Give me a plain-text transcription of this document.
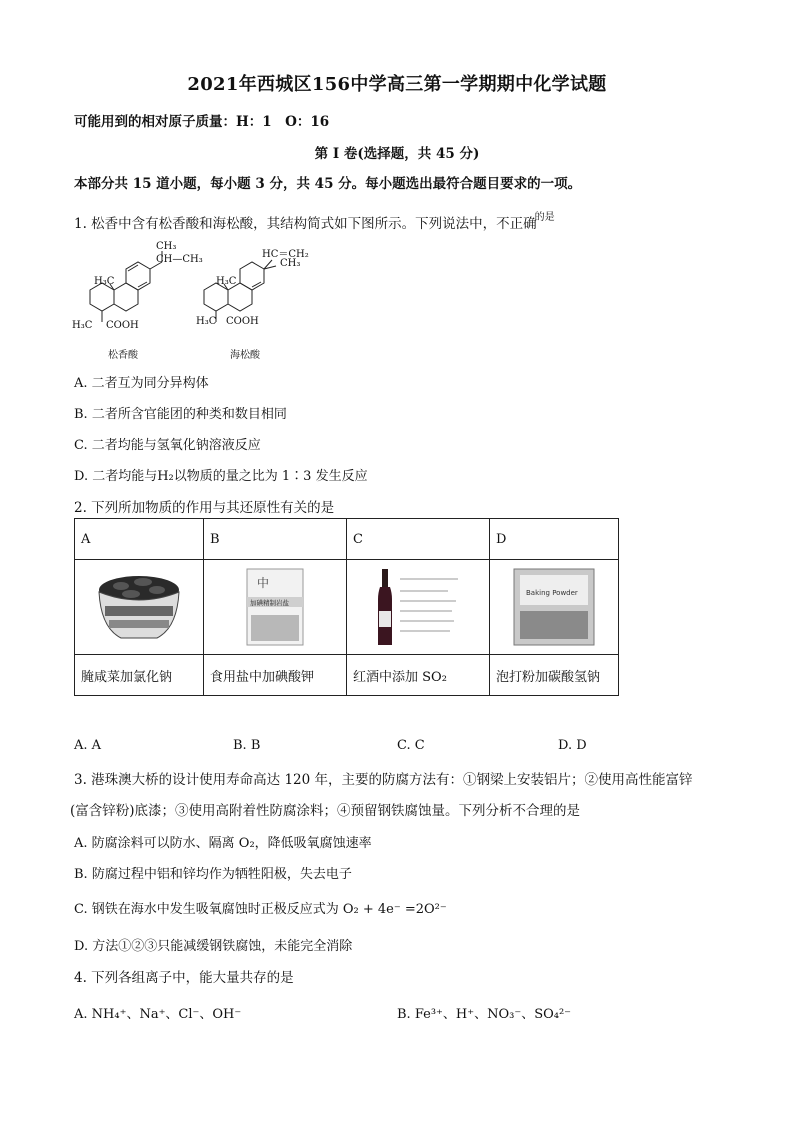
2021年西城区156中学高三第一学期期中化学试题
可能用到的相对原子质量：H：1　O：16
第 I 卷(选择题，共 45 分)
本部分共 15 道小题，每小题 3 分，共 45 分。每小题选出最符合题目要求的一项。
1. 松香中含有松香酸和海松酸，其结构简式如下图所示。下列说法中，不正确$^{的是}$
CH₃
CH—CH₃
H₃C
H₃C COOH
松香酸
HC＝CH₂
CH₃
H₃C
H₃C COOH
海松酸
A. 二者互为同分异构体
B. 二者所含官能团的种类和数目相同
C. 二者均能与氢氧化钠溶液反应
D. 二者均能与H₂以物质的量之比为 1∶3 发生反应
2. 下列所加物质的作用与其还原性有关的是
A	B	C	D

中
加碘精制岩盐		Baking Powder

腌咸菜加氯化钠	食用盐中加碘酸钾	红酒中添加 SO₂	泡打粉加碳酸氢钠
A. A	B. B	C. C	D. D
3. 港珠澳大桥的设计使用寿命高达 120 年，主要的防腐方法有：①钢梁上安装铝片；②使用高性能富锌
(富含锌粉)底漆；③使用高附着性防腐涂料；④预留钢铁腐蚀量。下列分析不合理的是
A. 防腐涂料可以防水、隔离 O₂，降低吸氧腐蚀速率
B. 防腐过程中铝和锌均作为牺牲阳极，失去电子
C. 钢铁在海水中发生吸氧腐蚀时正极反应式为 O₂ + 4e⁻ =2O²⁻
D. 方法①②③只能减缓钢铁腐蚀，未能完全消除
4. 下列各组离子中，能大量共存的是
A. NH₄⁺、Na⁺、Cl⁻、OH⁻	B. Fe³⁺、H⁺、NO₃⁻、SO₄²⁻
